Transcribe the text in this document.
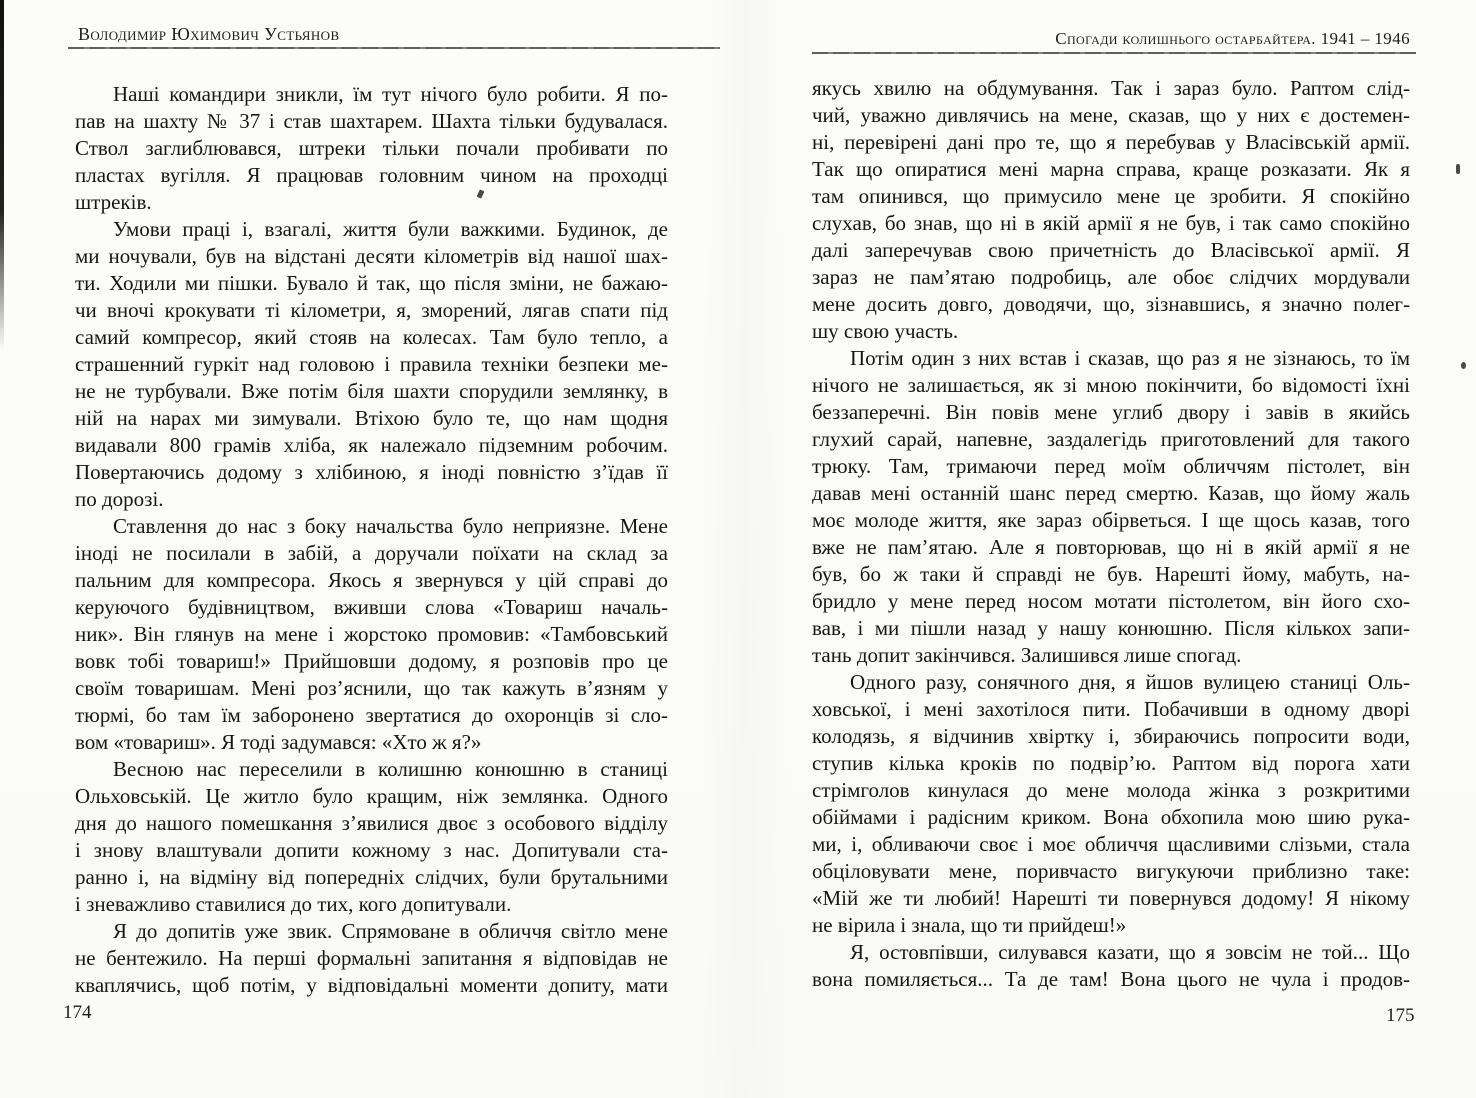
Володимир Юхимович Устьянов	Спогади колишнього остарбайтера. 1941 – 1946
Наші командири зникли, їм тут нічого було робити. Я по-
пав на шахту № 37 і став шахтарем. Шахта тільки будувалася.
Ствол заглиблювався, штреки тільки почали пробивати по
пластах вугілля. Я працював головним чином на проходці
штреків.
Умови праці і, взагалі, життя були важкими. Будинок, де
ми ночували, був на відстані десяти кілометрів від нашої шах-
ти. Ходили ми пішки. Бувало й так, що після зміни, не бажаю-
чи вночі крокувати ті кілометри, я, зморений, лягав спати під
самий компресор, який стояв на колесах. Там було тепло, а
страшенний гуркіт над головою і правила техніки безпеки ме-
не не турбували. Вже потім біля шахти спорудили землянку, в
ній на нарах ми зимували. Втіхою було те, що нам щодня
видавали 800 грамів хліба, як належало підземним робочим.
Повертаючись додому з хлібиною, я іноді повністю з’їдав її
по дорозі.
Ставлення до нас з боку начальства було неприязне. Мене
іноді не посилали в забій, а доручали поїхати на склад за
пальним для компресора. Якось я звернувся у цій справі до
керуючого будівництвом, вживши слова «Товариш началь-
ник». Він глянув на мене і жорстоко промовив: «Тамбовський
вовк тобі товариш!» Прийшовши додому, я розповів про це
своїм товаришам. Мені роз’яснили, що так кажуть в’язням у
тюрмі, бо там їм заборонено звертатися до охоронців зі сло-
вом «товариш». Я тоді задумався: «Хто ж я?»
Весною нас переселили в колишню конюшню в станиці
Ольховській. Це житло було кращим, ніж землянка. Одного
дня до нашого помешкання з’явилися двоє з особового відділу
і знову влаштували допити кожному з нас. Допитували ста-
ранно і, на відміну від попередніх слідчих, були брутальними
і зневажливо ставилися до тих, кого допитували.
Я до допитів уже звик. Спрямоване в обличчя світло мене
не бентежило. На перші формальні запитання я відповідав не
кваплячись, щоб потім, у відповідальні моменти допиту, мати
якусь хвилю на обдумування. Так і зараз було. Раптом слід-
чий, уважно дивлячись на мене, сказав, що у них є достемен-
ні, перевірені дані про те, що я перебував у Власівській армії.
Так що опиратися мені марна справа, краще розказати. Як я
там опинився, що примусило мене це зробити. Я спокійно
слухав, бо знав, що ні в якій армії я не був, і так само спокійно
далі заперечував свою причетність до Власівської армії. Я
зараз не пам’ятаю подробиць, але обоє слідчих мордували
мене досить довго, доводячи, що, зізнавшись, я значно полег-
шу свою участь.
Потім один з них встав і сказав, що раз я не зізнаюсь, то їм
нічого не залишається, як зі мною покінчити, бо відомості їхні
беззаперечні. Він повів мене углиб двору і завів в якийсь
глухий сарай, напевне, заздалегідь приготовлений для такого
трюку. Там, тримаючи перед моїм обличчям пістолет, він
давав мені останній шанс перед смертю. Казав, що йому жаль
моє молоде життя, яке зараз обірветься. І ще щось казав, того
вже не пам’ятаю. Але я повторював, що ні в якій армії я не
був, бо ж таки й справді не був. Нарешті йому, мабуть, на-
бридло у мене перед носом мотати пістолетом, він його схо-
вав, і ми пішли назад у нашу конюшню. Після кількох запи-
тань допит закінчився. Залишився лише спогад.
Одного разу, сонячного дня, я йшов вулицею станиці Оль-
ховської, і мені захотілося пити. Побачивши в одному дворі
колодязь, я відчинив хвіртку і, збираючись попросити води,
ступив кілька кроків по подвір’ю. Раптом від порога хати
стрімголов кинулася до мене молода жінка з розкритими
обіймами і радісним криком. Вона обхопила мою шию рука-
ми, і, обливаючи своє і моє обличчя щасливими слізьми, стала
обціловувати мене, поривчасто вигукуючи приблизно таке:
«Мій же ти любий! Нарешті ти повернувся додому! Я нікому
не вірила і знала, що ти прийдеш!»
Я, остовпівши, силувався казати, що я зовсім не той... Що
вона помиляється... Та де там! Вона цього не чула і продов-
174	175
